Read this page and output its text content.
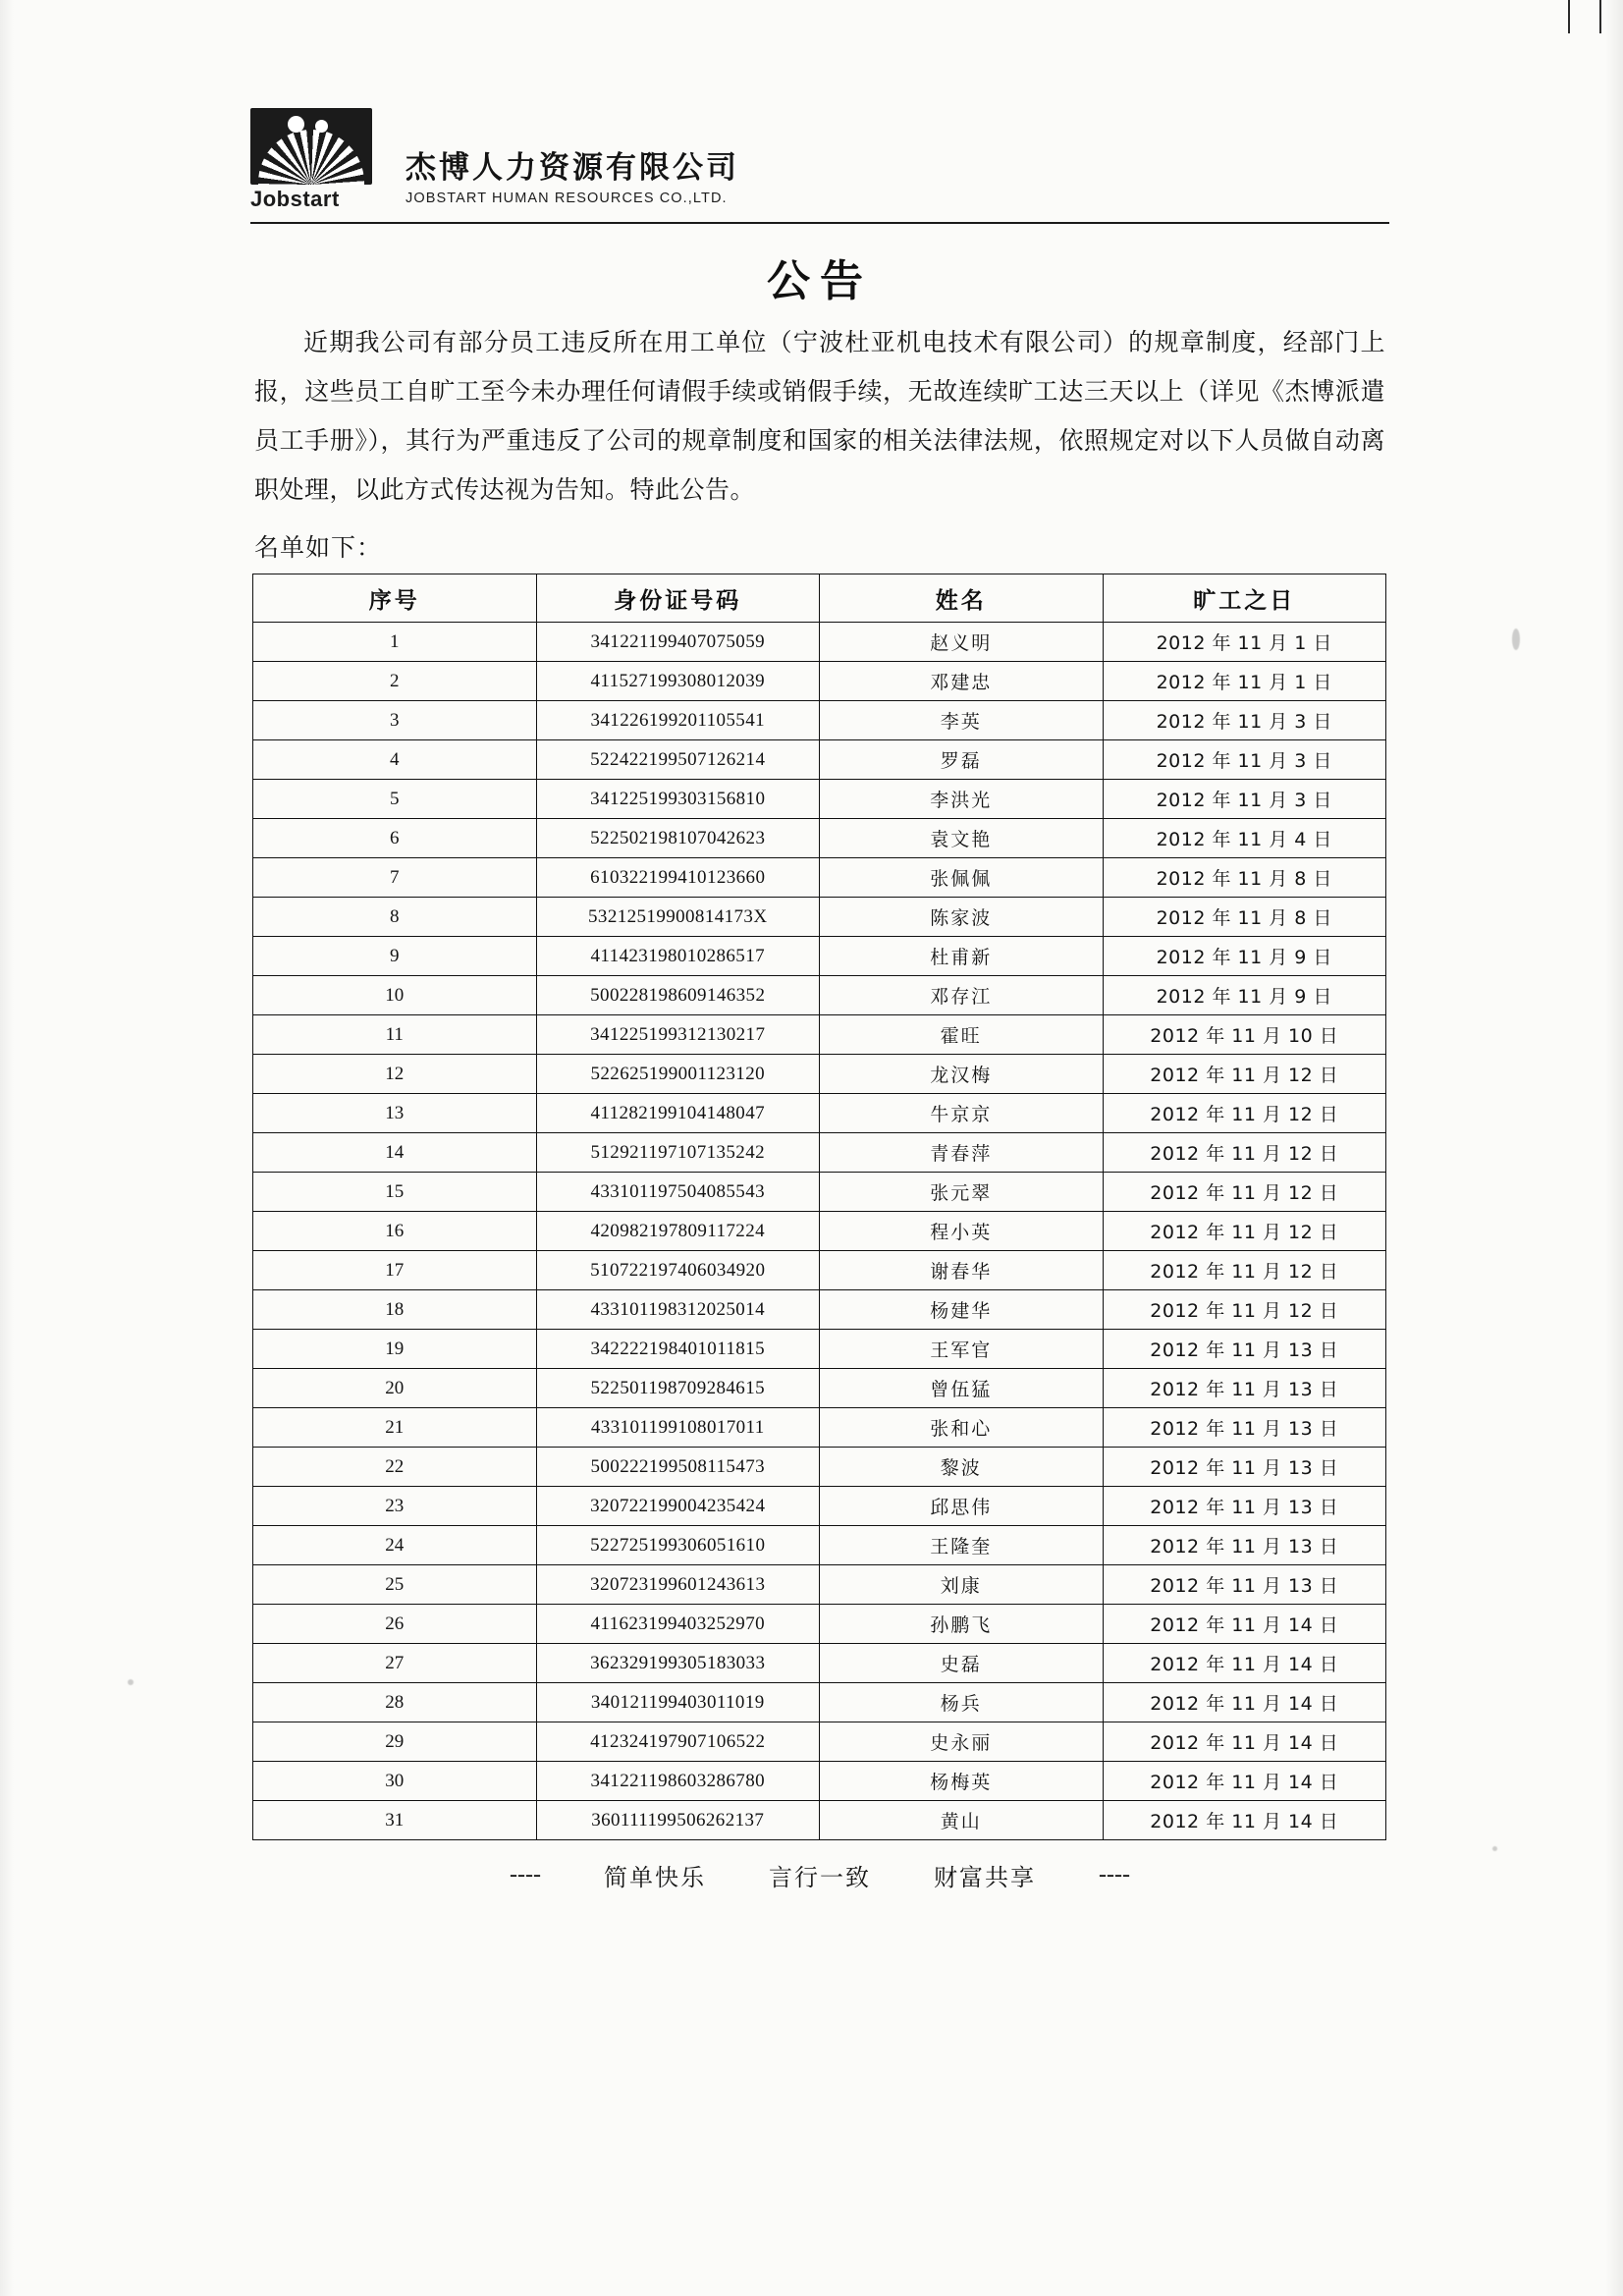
Jobstart
杰博人力资源有限公司
JOBSTART HUMAN RESOURCES CO.,LTD.
公告

近期我公司有部分员工违反所在用工单位（宁波杜亚机电技术有限公司）的规章制度，经部门上报，这些员工自旷工至今未办理任何请假手续或销假手续，无故连续旷工达三天以上（详见《杰博派遣员工手册》），其行为严重违反了公司的规章制度和国家的相关法律法规，依照规定对以下人员做自动离职处理，以此方式传达视为告知。特此公告。

名单如下：
序号	身份证号码	姓名	旷工之日
1	341221199407075059	赵义明	2012 年 11 月 1 日
2	411527199308012039	邓建忠	2012 年 11 月 1 日
3	341226199201105541	李英	2012 年 11 月 3 日
4	522422199507126214	罗磊	2012 年 11 月 3 日
5	341225199303156810	李洪光	2012 年 11 月 3 日
6	522502198107042623	袁文艳	2012 年 11 月 4 日
7	610322199410123660	张佩佩	2012 年 11 月 8 日
8	53212519900814173X	陈家波	2012 年 11 月 8 日
9	411423198010286517	杜甫新	2012 年 11 月 9 日
10	500228198609146352	邓存江	2012 年 11 月 9 日
11	341225199312130217	霍旺	2012 年 11 月 10 日
12	522625199001123120	龙汉梅	2012 年 11 月 12 日
13	411282199104148047	牛京京	2012 年 11 月 12 日
14	512921197107135242	青春萍	2012 年 11 月 12 日
15	433101197504085543	张元翠	2012 年 11 月 12 日
16	420982197809117224	程小英	2012 年 11 月 12 日
17	510722197406034920	谢春华	2012 年 11 月 12 日
18	433101198312025014	杨建华	2012 年 11 月 12 日
19	342222198401011815	王军官	2012 年 11 月 13 日
20	522501198709284615	曾伍猛	2012 年 11 月 13 日
21	433101199108017011	张和心	2012 年 11 月 13 日
22	500222199508115473	黎波	2012 年 11 月 13 日
23	320722199004235424	邱思伟	2012 年 11 月 13 日
24	522725199306051610	王隆奎	2012 年 11 月 13 日
25	320723199601243613	刘康	2012 年 11 月 13 日
26	411623199403252970	孙鹏飞	2012 年 11 月 14 日
27	362329199305183033	史磊	2012 年 11 月 14 日
28	340121199403011019	杨兵	2012 年 11 月 14 日
29	412324197907106522	史永丽	2012 年 11 月 14 日
30	341221198603286780	杨梅英	2012 年 11 月 14 日
31	360111199506262137	黄山	2012 年 11 月 14 日
----	简单快乐	言行一致	财富共享	----
